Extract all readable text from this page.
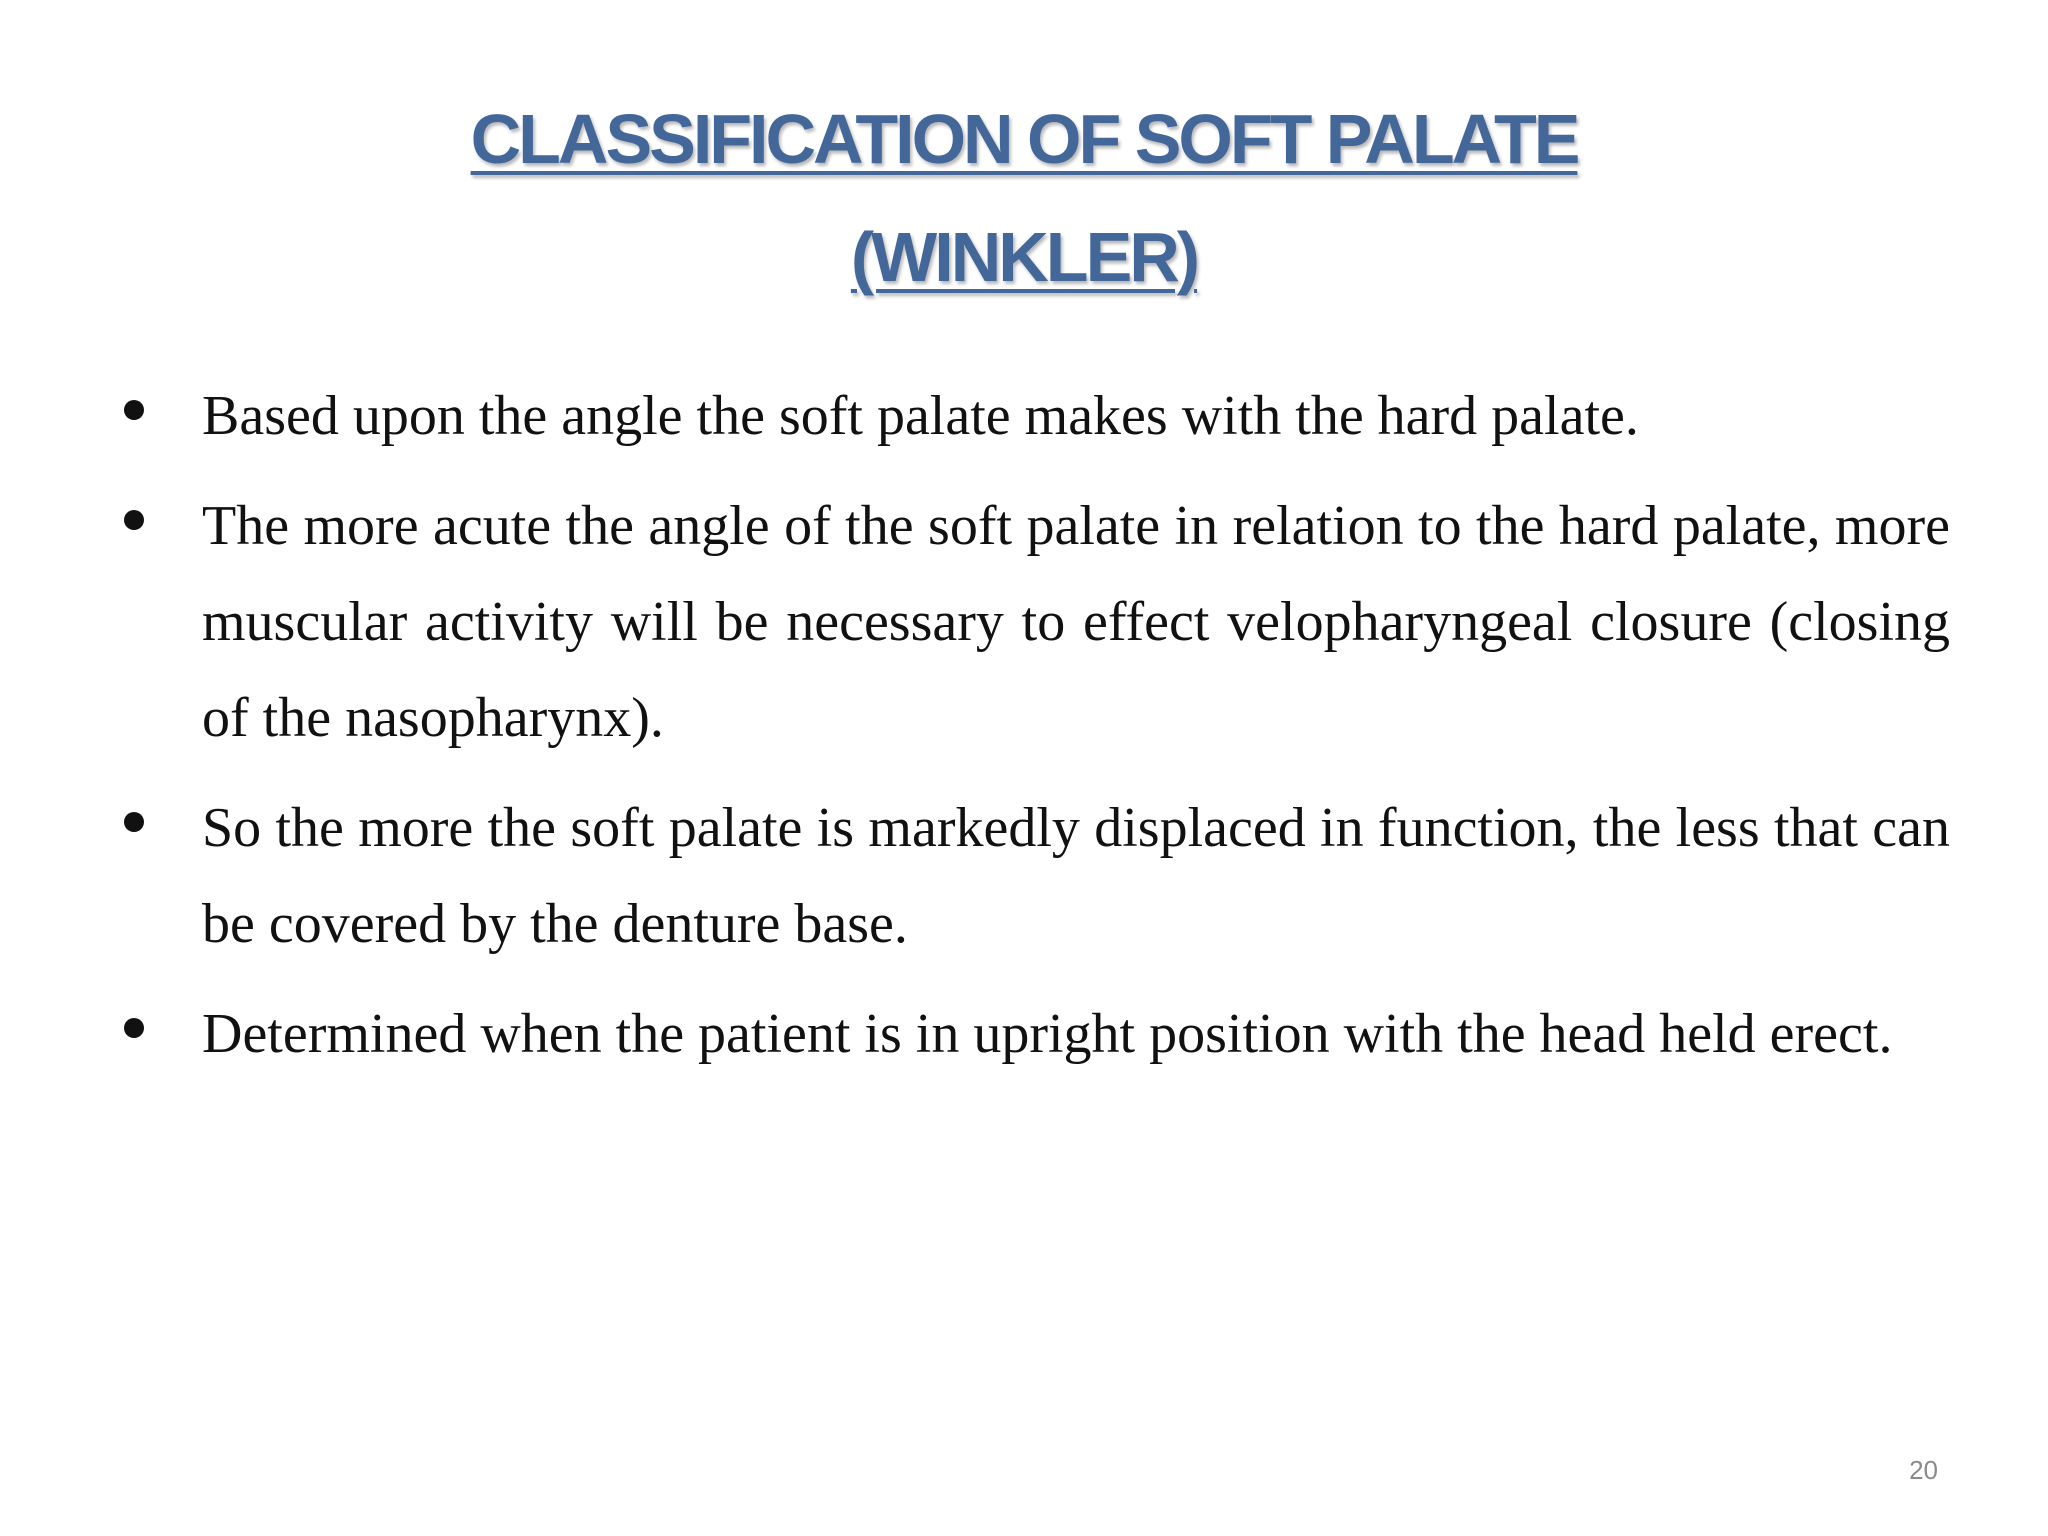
CLASSIFICATION OF SOFT PALATE
(WINKLER)
Based upon the angle the soft palate makes with the hard palate.
The more acute the angle of the soft palate in relation to the hard palate, more muscular activity will be necessary to effect velopharyngeal closure (closing of the nasopharynx).
So the more the soft palate is markedly displaced in function, the less that can be covered by the denture base.
Determined when the patient is in upright position with the head held erect.
20
